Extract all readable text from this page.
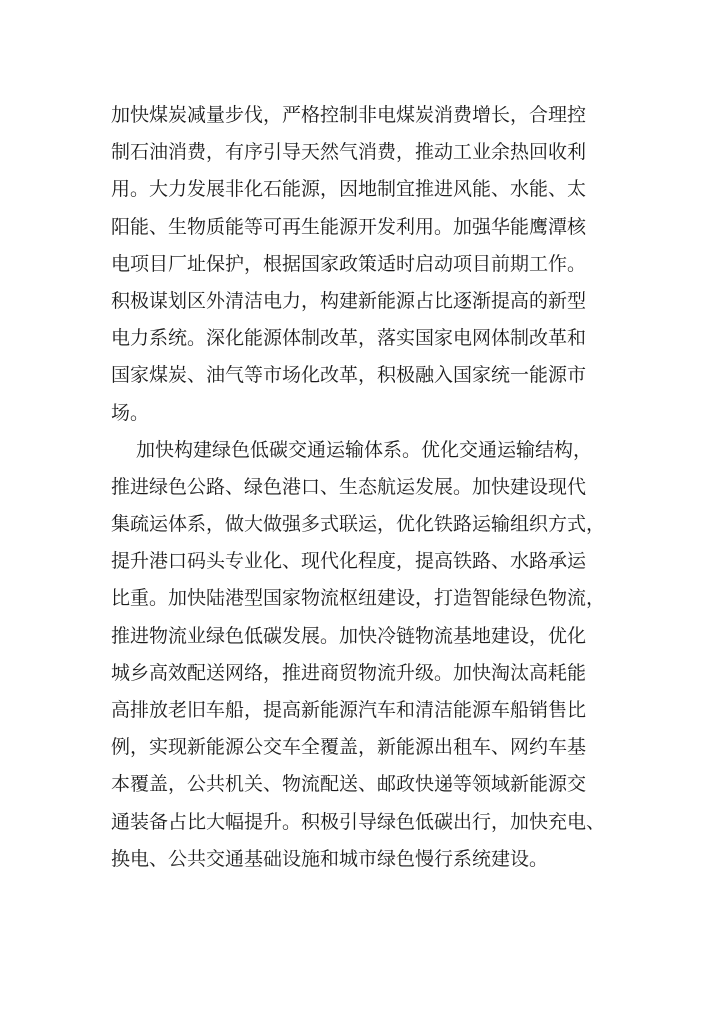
加快煤炭减量步伐，严格控制非电煤炭消费增长，合理控
制石油消费，有序引导天然气消费，推动工业余热回收利
用。大力发展非化石能源，因地制宜推进风能、水能、太
阳能、生物质能等可再生能源开发利用。加强华能鹰潭核
电项目厂址保护，根据国家政策适时启动项目前期工作。
积极谋划区外清洁电力，构建新能源占比逐渐提高的新型
电力系统。深化能源体制改革，落实国家电网体制改革和
国家煤炭、油气等市场化改革，积极融入国家统一能源市
场。
加快构建绿色低碳交通运输体系。优化交通运输结构，
推进绿色公路、绿色港口、生态航运发展。加快建设现代
集疏运体系，做大做强多式联运，优化铁路运输组织方式，
提升港口码头专业化、现代化程度，提高铁路、水路承运
比重。加快陆港型国家物流枢纽建设，打造智能绿色物流，
推进物流业绿色低碳发展。加快冷链物流基地建设，优化
城乡高效配送网络，推进商贸物流升级。加快淘汰高耗能
高排放老旧车船，提高新能源汽车和清洁能源车船销售比
例，实现新能源公交车全覆盖，新能源出租车、网约车基
本覆盖，公共机关、物流配送、邮政快递等领域新能源交
通装备占比大幅提升。积极引导绿色低碳出行，加快充电、
换电、公共交通基础设施和城市绿色慢行系统建设。
